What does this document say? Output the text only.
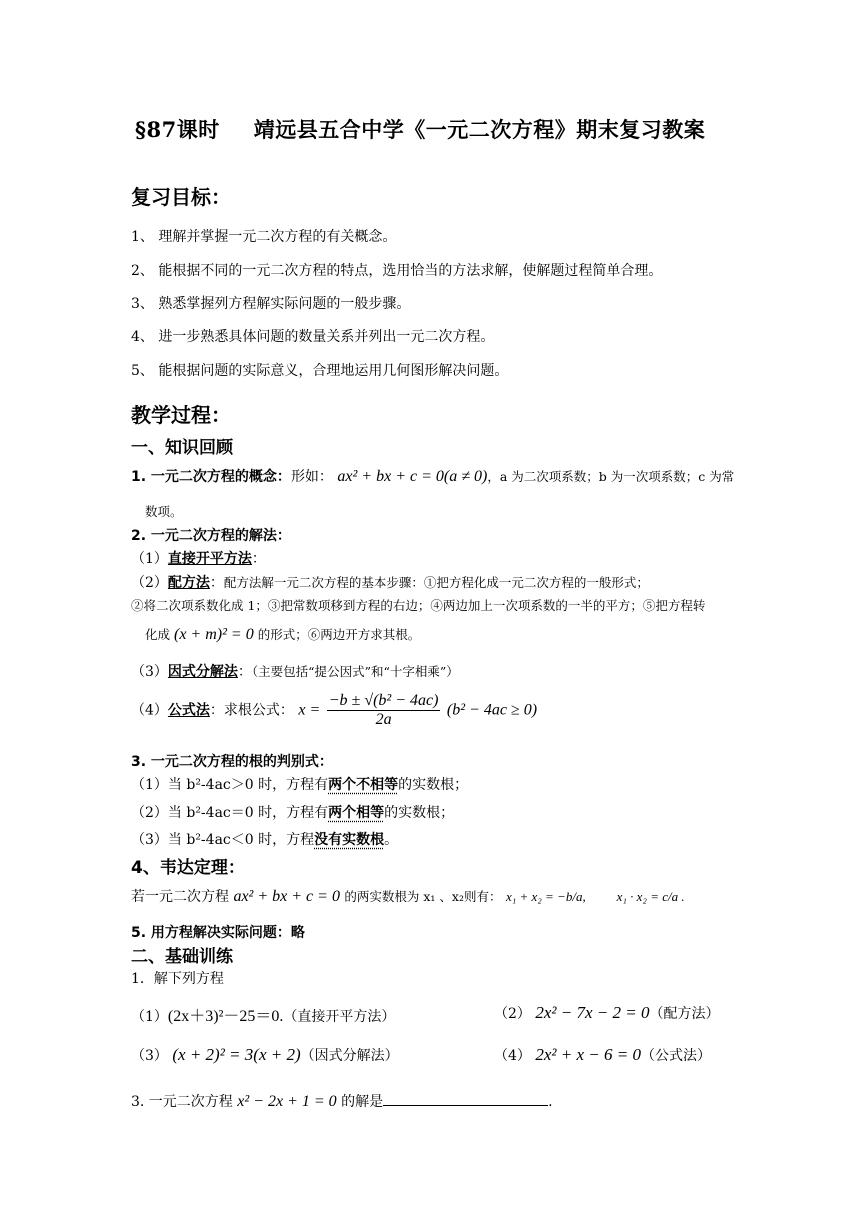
§87课时 靖远县五合中学《一元二次方程》期末复习教案
复习目标：
1、 理解并掌握一元二次方程的有关概念。
2、 能根据不同的一元二次方程的特点，选用恰当的方法求解，使解题过程简单合理。
3、 熟悉掌握列方程解实际问题的一般步骤。
4、 进一步熟悉具体问题的数量关系并列出一元二次方程。
5、 能根据问题的实际意义，合理地运用几何图形解决问题。
教学过程：
一、知识回顾
1. 一元二次方程的概念：形如： ax² + bx + c = 0(a ≠ 0)，a 为二次项系数；b 为一次项系数；c 为常
数项。
2. 一元二次方程的解法：
（1）直接开平方法：
（2）配方法：配方法解一元二次方程的基本步骤：①把方程化成一元二次方程的一般形式；
②将二次项系数化成 1；③把常数项移到方程的右边；④两边加上一次项系数的一半的平方；⑤把方程转
化成 (x + m)² = 0 的形式；⑥两边开方求其根。
（3）因式分解法：（主要包括“提公因式”和“十字相乘”）
（4）公式法：求根公式： $x = \frac{\text{−b ± √(b² − 4ac)}}{2a} (b^2 - 4ac \ge 0)$
3. 一元二次方程的根的判别式：
（1）当 b²-4ac＞0 时，方程有两个不相等的实数根；
（2）当 b²-4ac＝0 时，方程有两个相等的实数根；
（3）当 b²-4ac＜0 时，方程没有实数根。
4、韦达定理：
若一元二次方程 ax² + bx + c = 0 的两实数根为 x₁ 、x₂则有： x₁ + x₂ = −b/a, x₁ · x₂ = c/a .
5. 用方程解决实际问题：略
二、基础训练
1．解下列方程
（1）(2x＋3)²－25＝0.（直接开平方法）	（2） 2x² − 7x − 2 = 0（配方法）
（3） (x + 2)² = 3(x + 2)（因式分解法）	（4） 2x² + x − 6 = 0（公式法）
3. 一元二次方程 x² − 2x + 1 = 0 的解是	.
